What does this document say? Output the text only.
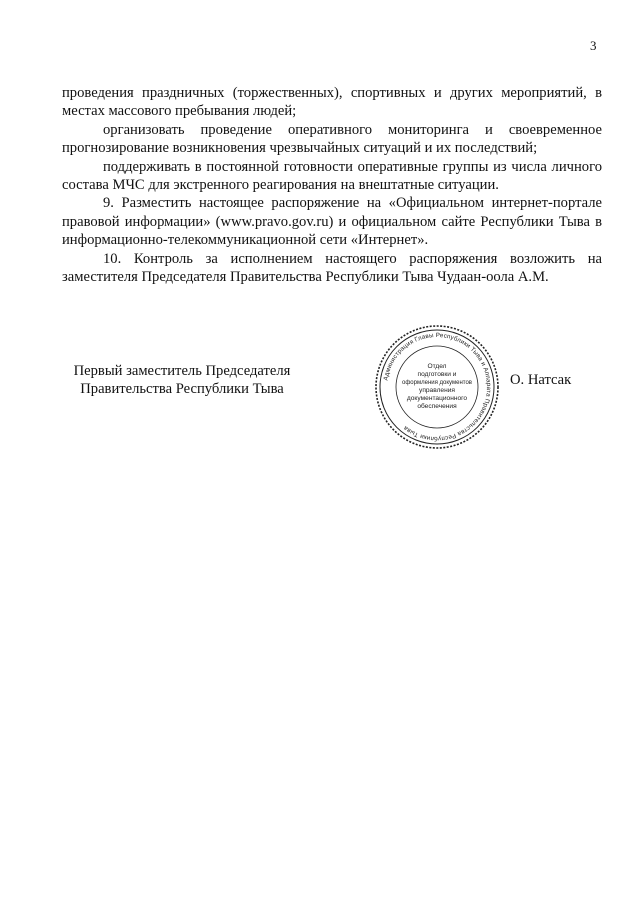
3

проведения праздничных (торжественных), спортивных и других мероприятий, в местах массового пребывания людей;

организовать проведение оперативного мониторинга и своевременное прогнозирование возникновения чрезвычайных ситуаций и их последствий;

поддерживать в постоянной готовности оперативные группы из числа личного состава МЧС для экстренного реагирования на внештатные ситуации.

9. Разместить настоящее распоряжение на «Официальном интернет-портале правовой информации» (www.pravo.gov.ru) и официальном сайте Республики Тыва в информационно-телекоммуникационной сети «Интернет».

10. Контроль за исполнением настоящего распоряжения возложить на заместителя Председателя Правительства Республики Тыва Чудаан-оола А.М.

Первый заместитель Председателя
Правительства Республики Тыва
О. Натсак
Администрация Главы Республики Тыва и Аппарата Правительства Республики Тыва
Отдел
подготовки и
оформления документов
управления
документационного
обеспечения
